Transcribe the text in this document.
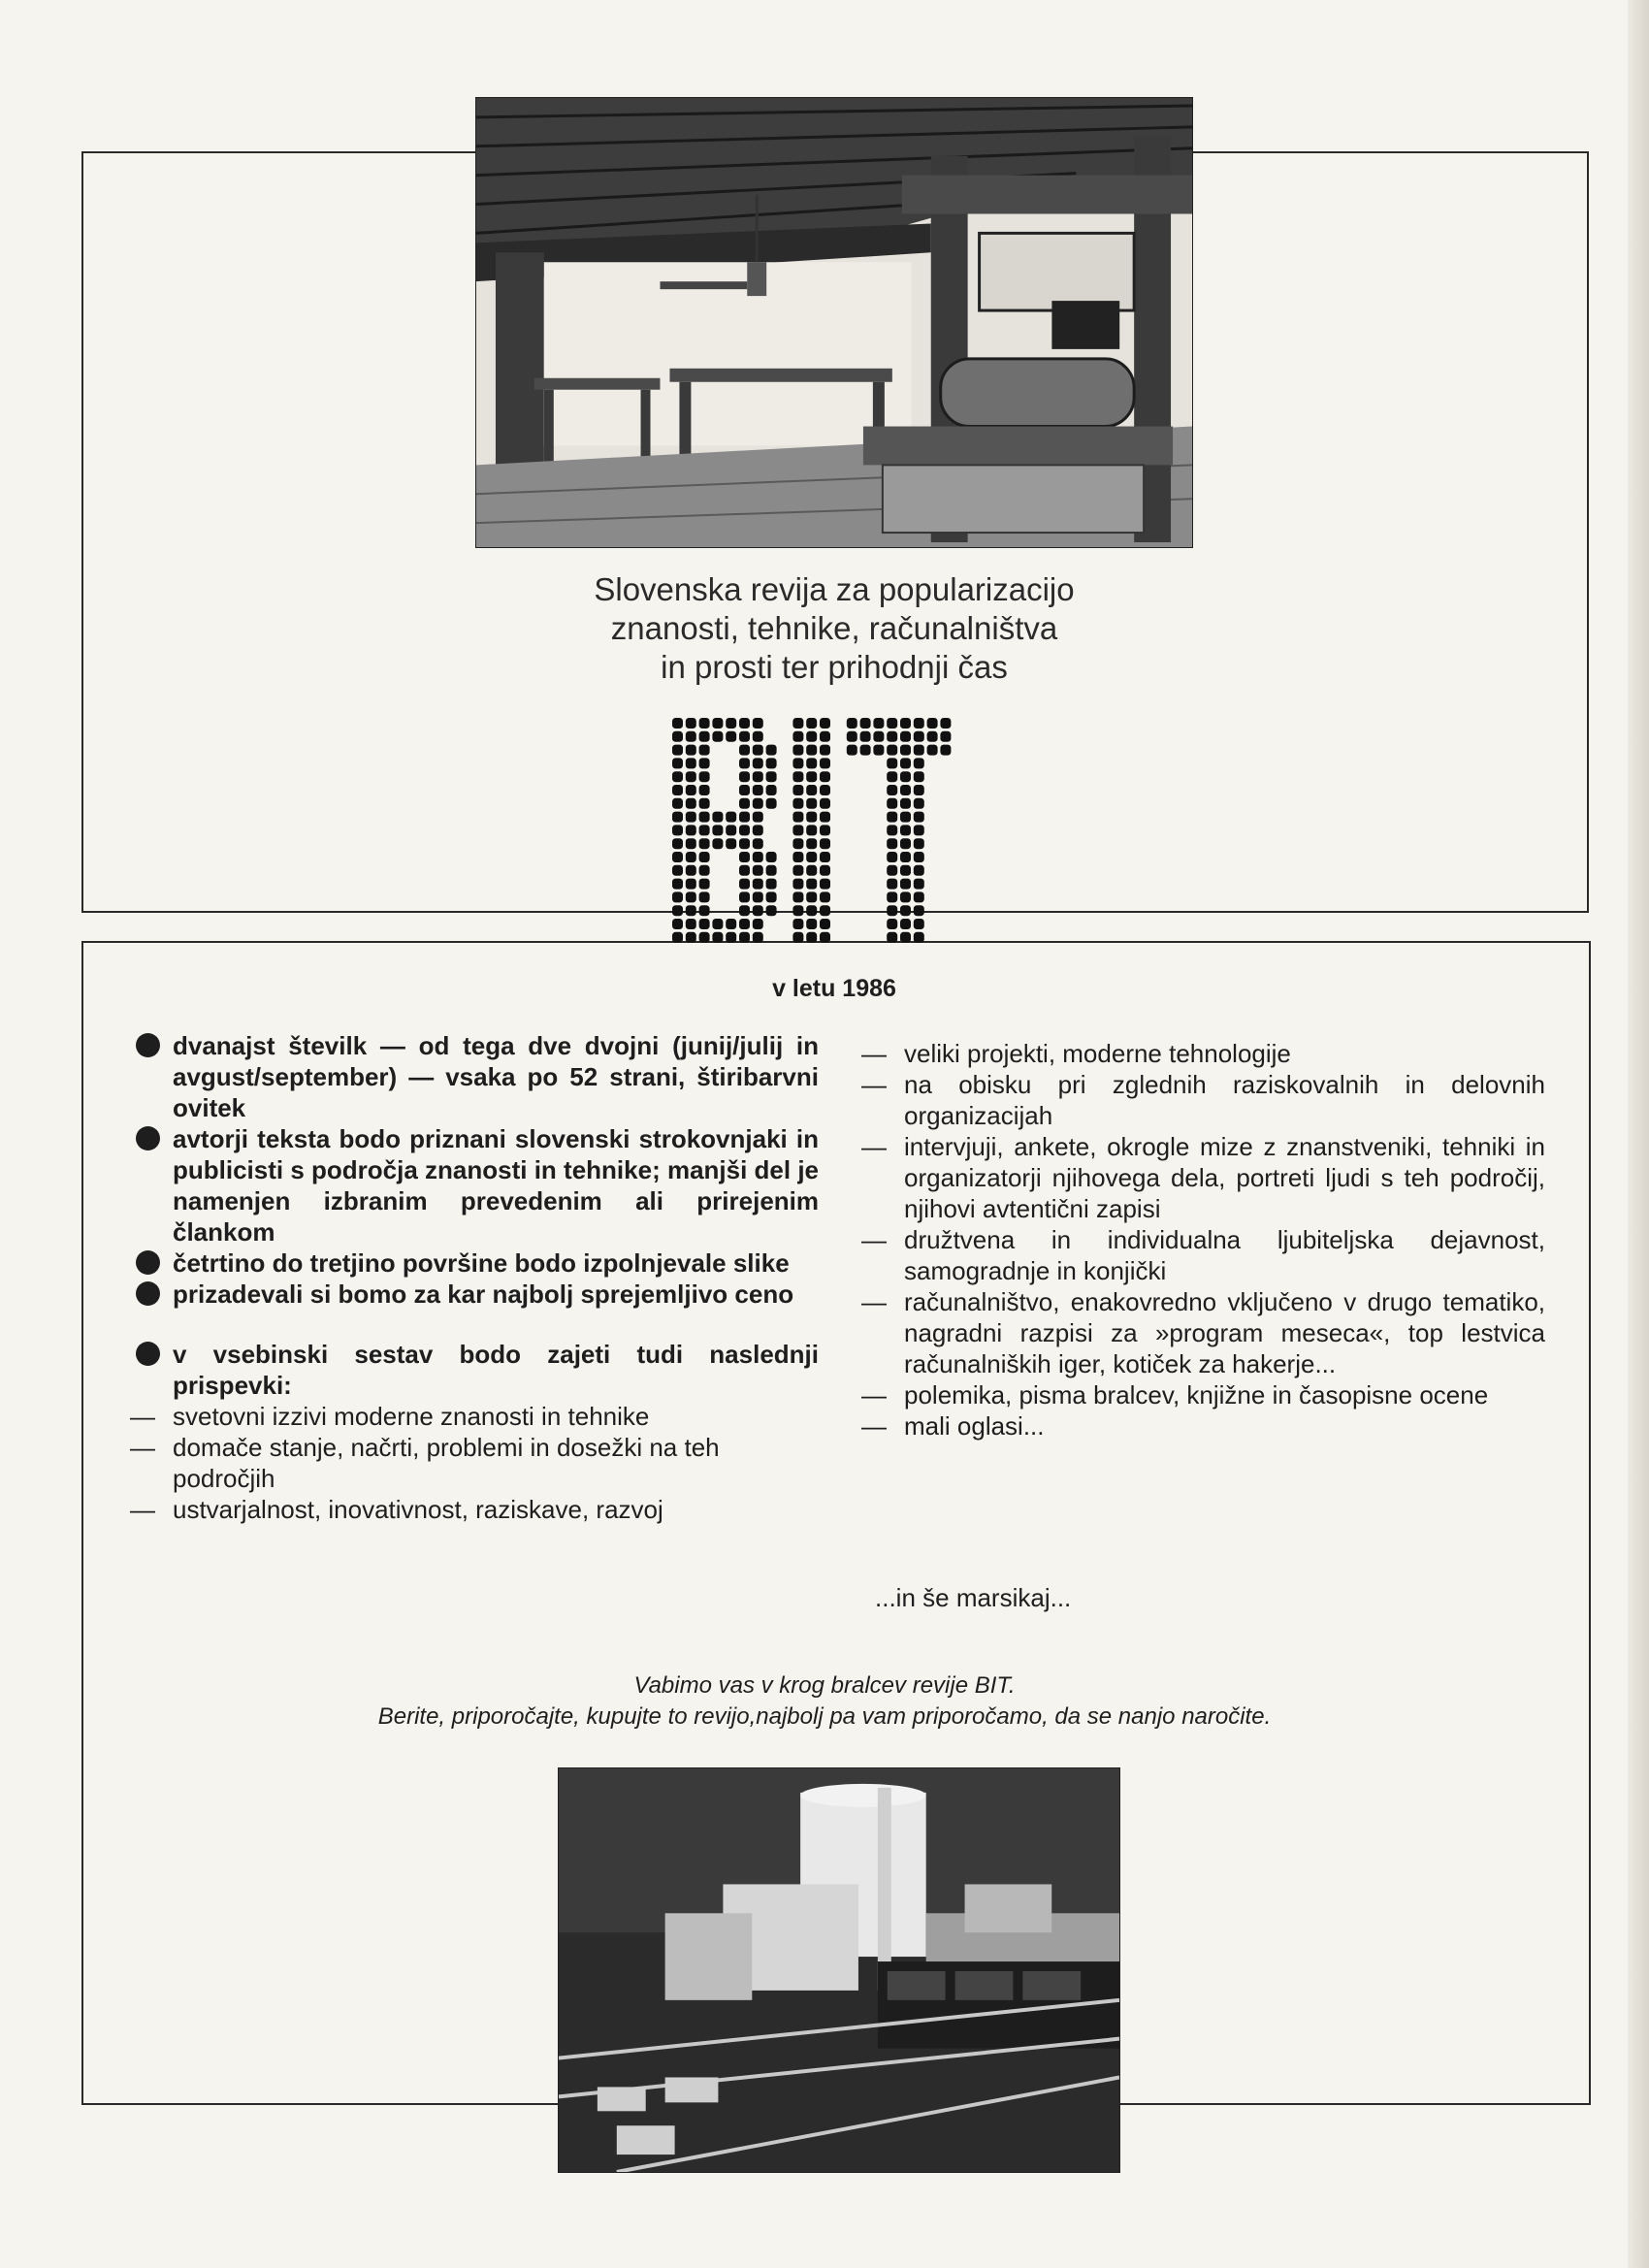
Slovenska revija za popularizacijo
znanosti, tehnike, računalništva
in prosti ter prihodnji čas
v letu 1986

dvanajst številk — od tega dve dvojni (junij/julij in avgust/september) — vsaka po 52 strani, štiribarvni ovitek

avtorji teksta bodo priznani slovenski strokovnjaki in publicisti s področja znanosti in tehnike; manjši del je namenjen izbranim prevedenim ali prirejenim člankom

četrtino do tretjino površine bodo izpolnjevale slike

prizadevali si bomo za kar najbolj sprejemljivo ceno

v vsebinski sestav bodo zajeti tudi naslednji prispevki:

— svetovni izzivi moderne znanosti in tehnike

— domače stanje, načrti, problemi in dosežki na teh področjih

— ustvarjalnost, inovativnost, raziskave, razvoj

— veliki projekti, moderne tehnologije

— na obisku pri zglednih raziskovalnih in delovnih organizacijah

— intervjuji, ankete, okrogle mize z znanstveniki, tehniki in organizatorji njihovega dela, portreti ljudi s teh področij, njihovi avtentični zapisi

— družtvena in individualna ljubiteljska dejavnost, samogradnje in konjički

— računalništvo, enakovredno vključeno v drugo tematiko, nagradni razpisi za »program meseca«, top lestvica računalniških iger, kotiček za hakerje...

— polemika, pisma bralcev, knjižne in časopisne ocene

— mali oglasi...

...in še marsikaj...
Vabimo vas v krog bralcev revije BIT.
Berite, priporočajte, kupujte to revijo,najbolj pa vam priporočamo, da se nanjo naročite.
